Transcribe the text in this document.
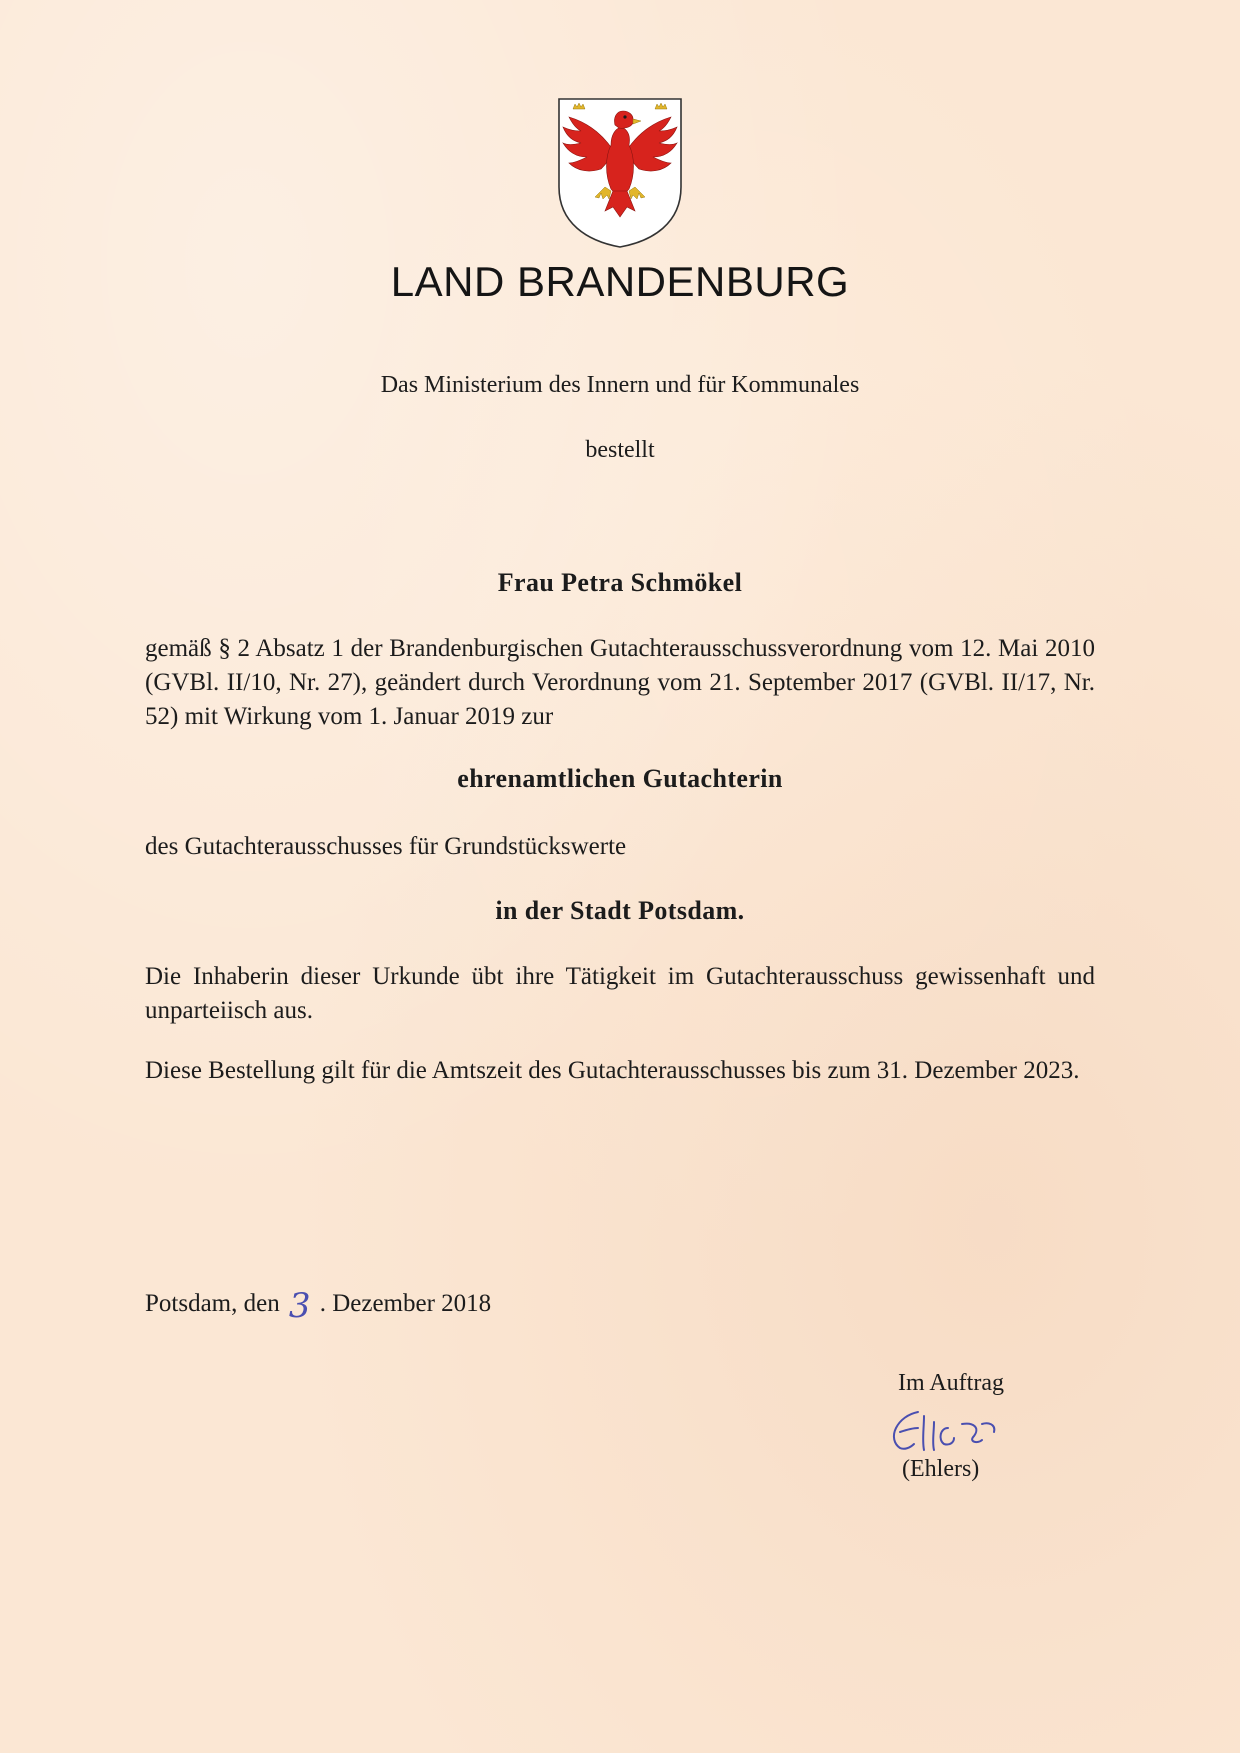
LAND BRANDENBURG
Das Ministerium des Innern und für Kommunales
bestellt
Frau Petra Schmökel
gemäß § 2 Absatz 1 der Brandenburgischen Gutachterausschussverordnung vom 12. Mai 2010 (GVBl. II/10, Nr. 27), geändert durch Verordnung vom 21. September 2017 (GVBl. II/17, Nr. 52) mit Wirkung vom 1. Januar 2019 zur
ehrenamtlichen Gutachterin
des Gutachterausschusses für Grundstückswerte
in der Stadt Potsdam.
Die Inhaberin dieser Urkunde übt ihre Tätigkeit im Gutachterausschuss gewissenhaft und unparteiisch aus.
Diese Bestellung gilt für die Amtszeit des Gutachterausschusses bis zum 31. Dezember 2023.
Potsdam, den 3 . Dezember 2018
Im Auftrag
(Ehlers)
